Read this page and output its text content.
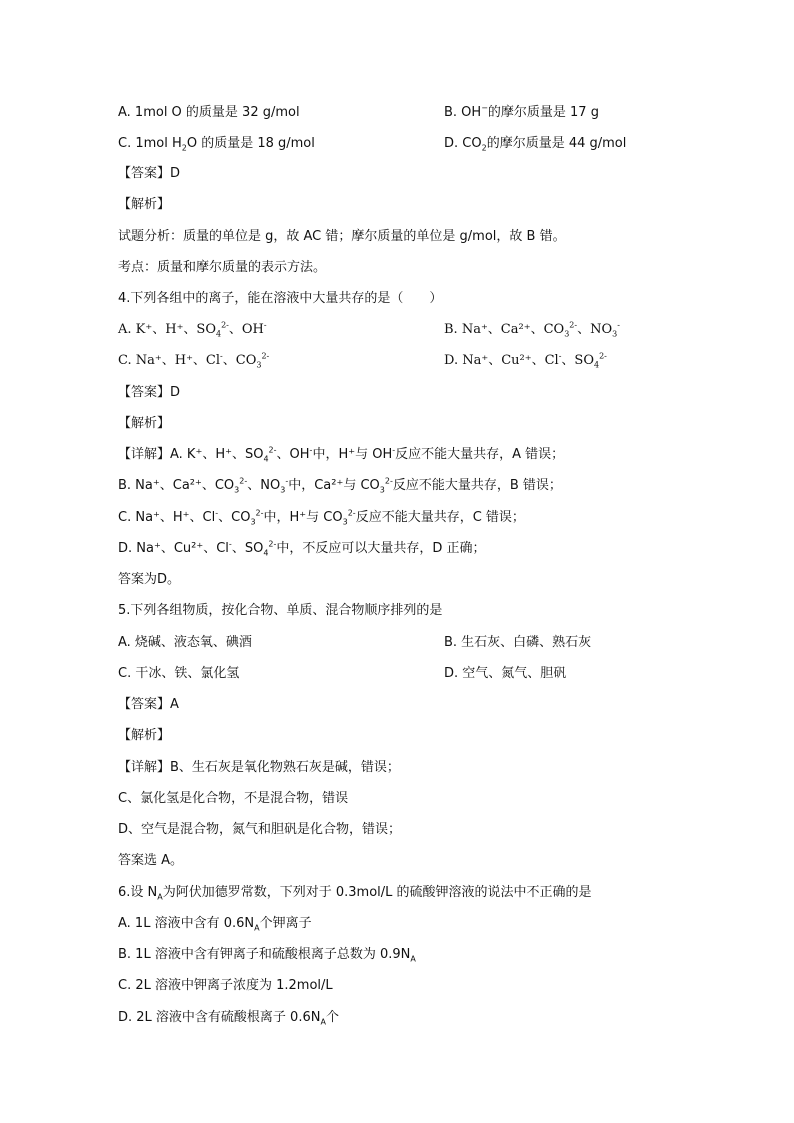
A. 1mol O 的质量是 32 g/mol	B. OH−的摩尔质量是 17 g
C. 1mol $H_2O$ 的质量是 18 g/mol	D. $CO_2$的摩尔质量是 44 g/mol
【答案】D
【解析】
试题分析：质量的单位是 g，故 AC 错；摩尔质量的单位是 g/mol，故 B 错。
考点：质量和摩尔质量的表示方法。
4.下列各组中的离子，能在溶液中大量共存的是（　　）
A. K⁺、H⁺、$SO_4^{2-}$、OH-	B. Na⁺、Ca²⁺、$CO_3^{2-}$、$NO_3^-$
C. Na⁺、H⁺、Cl-、$CO_3^{2-}$	D. Na⁺、Cu²⁺、Cl-、$SO_4^{2-}$
【答案】D
【解析】
【详解】A. K⁺、H⁺、$SO_4^{2-}$、OH-中，H⁺与 OH-反应不能大量共存，A 错误；
B. Na⁺、Ca²⁺、$CO_3^{2-}$、$NO_3^-$中，Ca²⁺与 $CO_3^{2-}$反应不能大量共存，B 错误；
C. Na⁺、H⁺、Cl-、$CO_3^{2-}$中，H⁺与 $CO_3^{2-}$反应不能大量共存，C 错误；
D. Na⁺、Cu²⁺、Cl-、$SO_4^{2-}$中，不反应可以大量共存，D 正确；
答案为D。
5.下列各组物质，按化合物、单质、混合物顺序排列的是
A. 烧碱、液态氧、碘酒	B. 生石灰、白磷、熟石灰
C. 干冰、铁、氯化氢	D. 空气、氮气、胆矾
【答案】A
【解析】
【详解】B、生石灰是氧化物熟石灰是碱，错误；
C、氯化氢是化合物，不是混合物，错误
D、空气是混合物，氮气和胆矾是化合物，错误；
答案选 A。
6.设 $N_A$为阿伏加德罗常数，下列对于 0.3mol/L 的硫酸钾溶液的说法中不正确的是
A. 1L 溶液中含有 $0.6N_A$个钾离子
B. 1L 溶液中含有钾离子和硫酸根离子总数为 $0.9N_A$
C. 2L 溶液中钾离子浓度为 1.2mol/L
D. 2L 溶液中含有硫酸根离子 $0.6N_A$个
